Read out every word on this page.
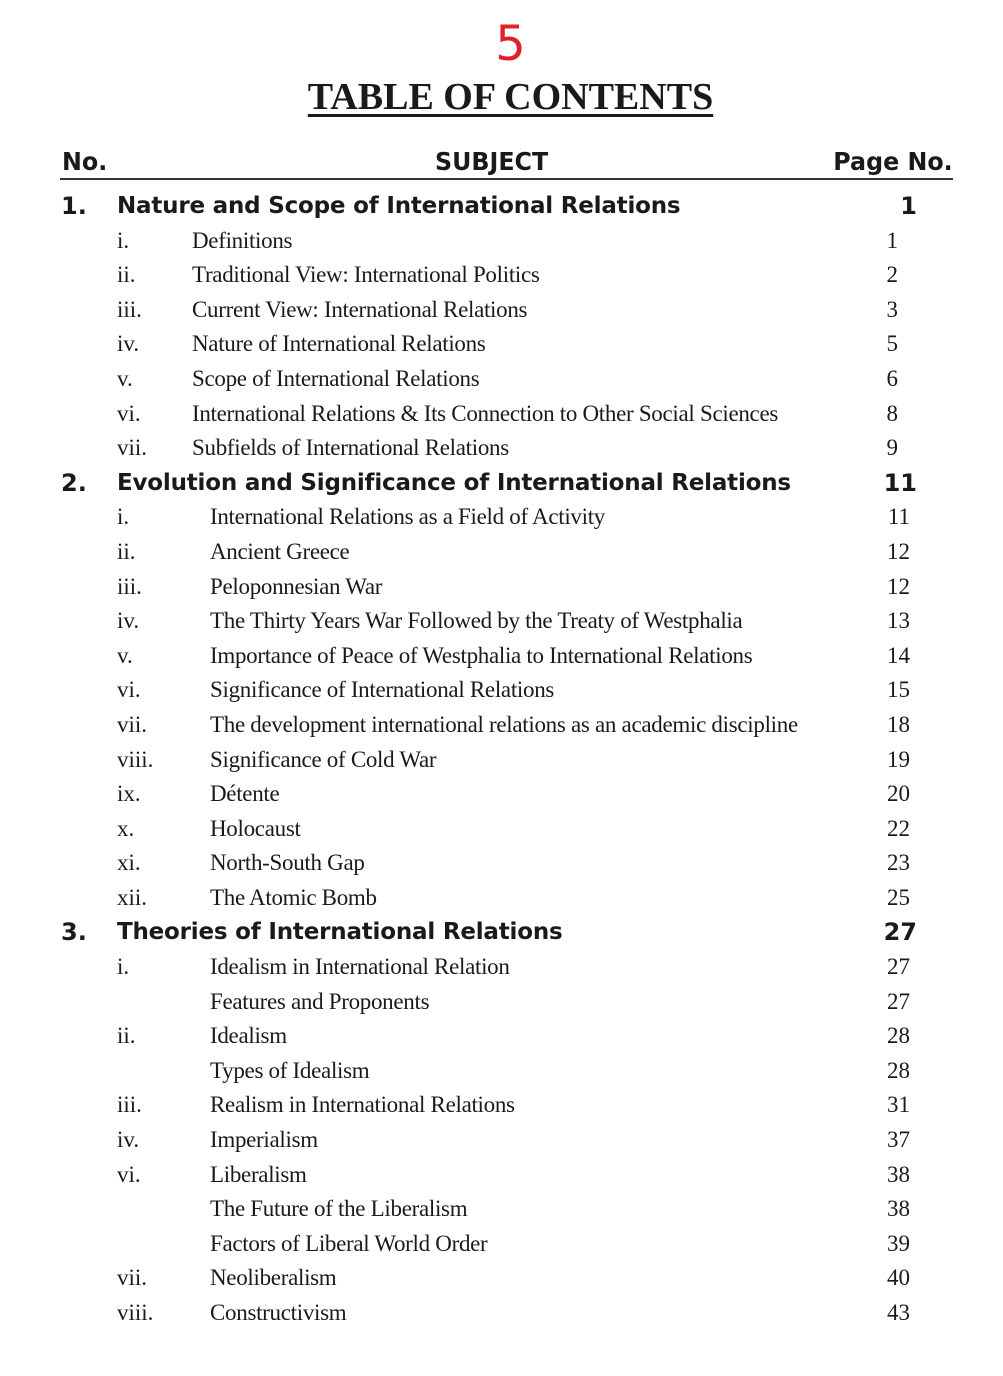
5
TABLE OF CONTENTS
No.	SUBJECT	Page No.
1. Nature and Scope of International Relations	1
i.	Definitions	1
ii. Traditional View: International Politics	2
iii. Current View: International Relations	3
iv. Nature of International Relations	5
v.	Scope of International Relations	6
vi. International Relations & Its Connection to Other Social Sciences	8
vii. Subfields of International Relations	9
2. Evolution and Significance of International Relations	11
i.	International Relations as a Field of Activity	11
ii.	Ancient Greece	12
iii.	Peloponnesian War	12
iv.	The Thirty Years War Followed by the Treaty of Westphalia	13
v.	Importance of Peace of Westphalia to International Relations	14
vi.	Significance of International Relations	15
vii.	The development international relations as an academic discipline	18
viii. Significance of Cold War	19
ix.	Détente	20
x.	Holocaust	22
xi.	North-South Gap	23
xii.	The Atomic Bomb	25
3. Theories of International Relations	27
i.	Idealism in International Relation	27
Features and Proponents	27
ii.	Idealism	28
Types of Idealism	28
iii.	Realism in International Relations	31
iv.	Imperialism	37
vi.	Liberalism	38
The Future of the Liberalism	38
Factors of Liberal World Order	39
vii.	Neoliberalism	40
viii. Constructivism	43
